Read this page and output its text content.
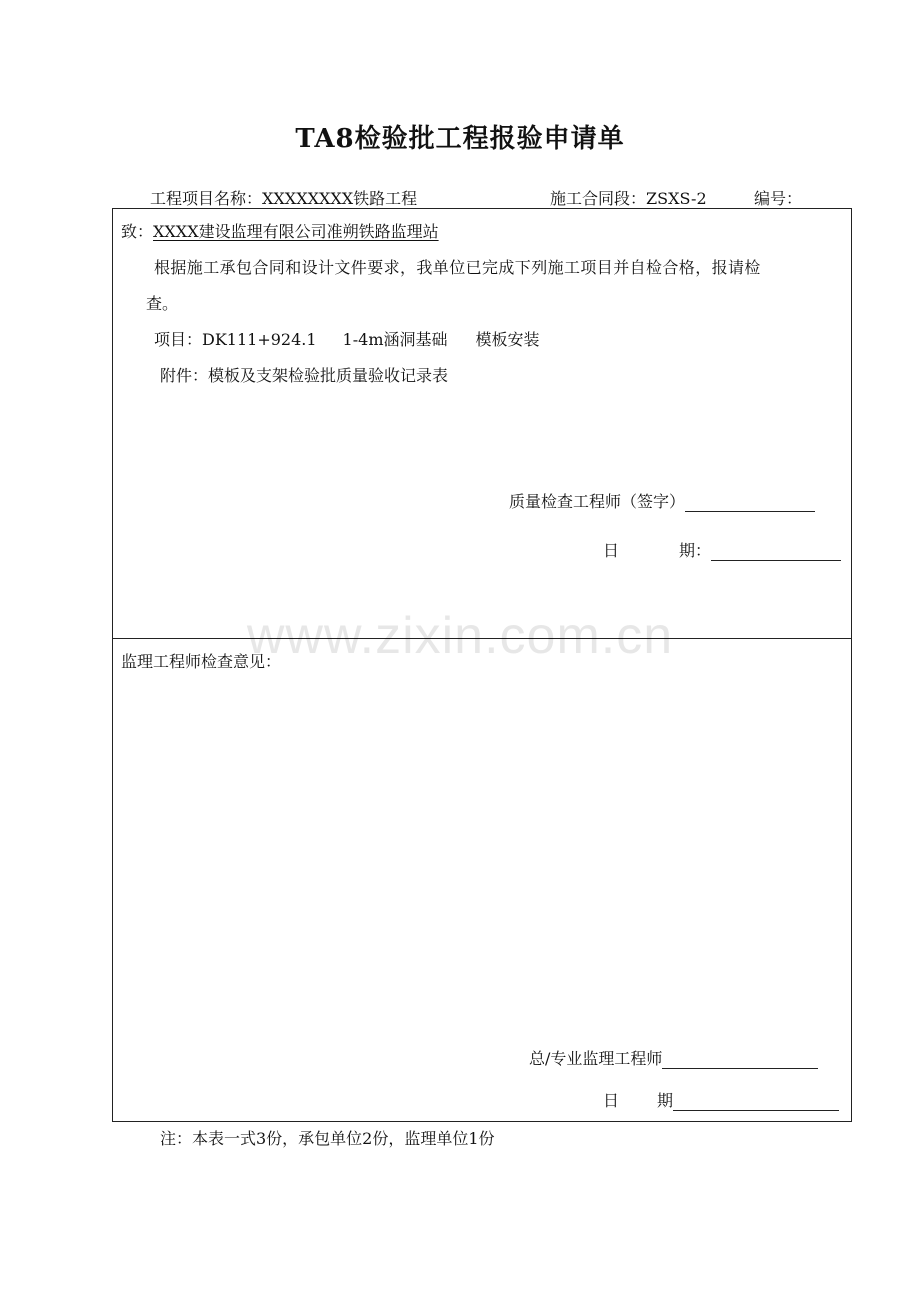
TA8检验批工程报验申请单
工程项目名称：XXXXXXXX铁路工程	施工合同段：ZSXS-2	编号：
致：XXXX建设监理有限公司准朔铁路监理站
根据施工承包合同和设计文件要求，我单位已完成下列施工项目并自检合格，报请检
查。
项目：DK111+924.1 1-4m涵洞基础 模板安装
附件：模板及支架检验批质量验收记录表
质量检查工程师（签字）
日	期：
监理工程师检查意见：
总/专业监理工程师
日 期
注：本表一式3份，承包单位2份，监理单位1份
www.zixin.com.cn
